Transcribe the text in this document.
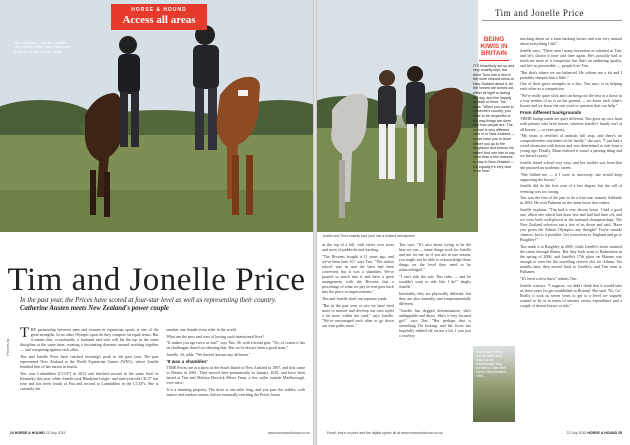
The Kiwi duo — Tim and Jonelle, with horses at their farm, have been in Britain for the past 27 years
HORSE & HOUND
Access all areas
Tim and Jonelle Price
In the past year, the Prices have scored at four-star level as well as representing their country. Catherine Austen meets New Zealand's power couple
Pictures by ...

THE partnership between men and women in equestrian sports is one of the great strengths. In no other Olympic sport do they compete on equal terms. But it means that, occasionally, a husband and wife will hit the top in the same discipline at the same time, creating a fascinating dynamic around working together — and competing against each other.

Tim and Jonelle Price have reached eventing's peak in the past year. The pair represented New Zealand at the World Equestrian Games (WEG), where Jonelle finished best of her nation in fourth.

Tim won Luhmühlen (CCI4*) in 2014 and finished second in the same level in Kentucky this year, while Jonelle took Blenheim's eight- and nine-year-old CIC3* last year and has been fourth at Pau and second at Luhmühlen in the CCI4*s. She is currently the

number one female event rider in the world.

What are the pros and cons of having such intertwined lives?

"It makes you age twice as fast!" says Tim, 36, with a broad grin. "No, of course it has its challenges; there's no denying that. But we've always been a good team."

Jonelle, 34, adds: "We haven't known any different."

'It was a shambles'

TIME Prices are at a show in the South Island of New Zealand in 1997, and first came to Britain in 2001. They moved here permanently in January 2010, and have been based at Tim and Melissa Berwick Mews Farm, a few miles outside Marlborough, ever since.

It is a stunning property. The drive is one mile long, and you pass the stables, with indoor and outdoor arenas, before eventually reaching the Prices' home

24 HORSE & HOUND 23 July 2015	www.horseandhound.co.uk
Tim and Jonelle Price
BEING
KIWIS IN
BRITAIN
IT'S beautifully set up and very smartly kept, but there Tuns has a hint of the more relaxed ethos of New Zealand about it. All the horses are turned out, either at night or during the day, and live happily in fields of three. Tim says: "When you come to someone's country, you have to be respectful of the way things are done and how people are. The culture is very different here to in New Zealand — so we have you to learn before you go to the neighbour and borrow his trailer! And one has to say more than a few reasons to stay in New Zealand — but equally it's very nice to be here."
Jonelle and Tim's smartly kept yard has a relaxed atmosphere

as the top of a hill, with views over acres and acres of paddocks and tracking.

"The Bivvens bought it 11 years ago, and we've been here 10," says Tim. "The indoor school was in and the barn had been converted, but it was a shambles. We've poured so much into it and have a great arrangement with the Bivvens that a percentage of what we pay in rent goes back into the place in improvements."

Tim and Jonelle don't run separate yards.

"But in the past year or two we have tried more to nurture and develop our own styles a bit more within the yard," says Jonelle. "We've encouraged each other to go down our own paths more."

Tim says: "It's also about trying to be the best we can — some things work for Jonelle and not for me, so if you are in one season, you might not be able to acknowledge those things on the level they need to be acknowledged."

"I can't ride the way Tim rides — and he wouldn't want to ride like I do!" laughs Jonelle.

Inevitably, they are physically different, but they are also mentally and temperamentally different.

"Jonelle has dogged determination; she's unflappable and direct. She's a very focused girl," says Tim. "Her perhaps that is something I'm lacking, and her focus has hopefully rubbed off on me a bit. I was just a cowboy

The outdoor arena and all stable area, make up the Marlborough, they are able to relax their horses' New Zealand Tims

mucking about on a farm backing horses and was very natural about everything I did."

Jonelle says: "There aren't many horsemen as talented as Tim, and he's shown it time and time again. He's possibly had to teach me more of a competitor, but that's an endearing quality, and he's so personable — people love Tim.

"But that's where we are balanced. He softens me a bit and I probably sharpen him a little."

One of their great strengths as a duo, Tim says, is in helping each other as a competition.

"We're really quite slick and can bring out the best in a horse in a way neither of us is on the ground — we know each other's horses and we know the one word or question that can help."

From different backgrounds

THEIR backgrounds are quite different. Tim grew up on a farm with parents who bred horses, whereas Jonelle's family isn't at all horsey — or even sporty.

"My mum is terrified of animals full stop, and there's no competitiveness anywhere in the family," she says. "I just had a weird obsession with horses and was determined to ride from a young age. Finally, Mum realised it wasn't a passing thing and we leased a pony."

Jonelle found school very easy, and her mother was keen that she pursued an academic career.

"She lobbed me — if I were to university, she would keep supporting the horses."

Jonelle did do the first year of a law degree, but the call of eventing was too strong.

Tim was the first of the pair to do a four-star, namely Adelaide in 2004. He won Pulmont on the same horse that winter.

Jonelle explains: "Tim had a very decent horse. I had a good one, albeit one which had done less and had had time off, and we were both well-placed at the national championships. The New Zealand selectors ran a few of us down and said, 'Have you given the Athens Olympics any thought? You're outside chances, but is it possible. Get yourselves to England and go to Burghley!'"

Tim made it to Burghley in 2005, while Jonelle's horse strained the stress through illness. But they both went to Badminton in the spring of 2006, and Jonelle's 17th place on Marone was enough to earn her the travelling reserve slot for Athens. Six months later, they moved back to Jonelle's, and Tim went to Pulhanes.

"It's been a slow burn," admits Tim.

Jonelle concurs: "I suppose, we didn't think that it would take us three years [to get established in Britain]. She said, 'No, Go'. Really it took us seven years to get to a level we vaguely wanted to be at in terms of income versus expenditure and a couple of decent horses to ride."

Email: thorn on print and the digital option all at www.horseandhound.co.uk	23 July 2015 HORSE & HOUND 25
